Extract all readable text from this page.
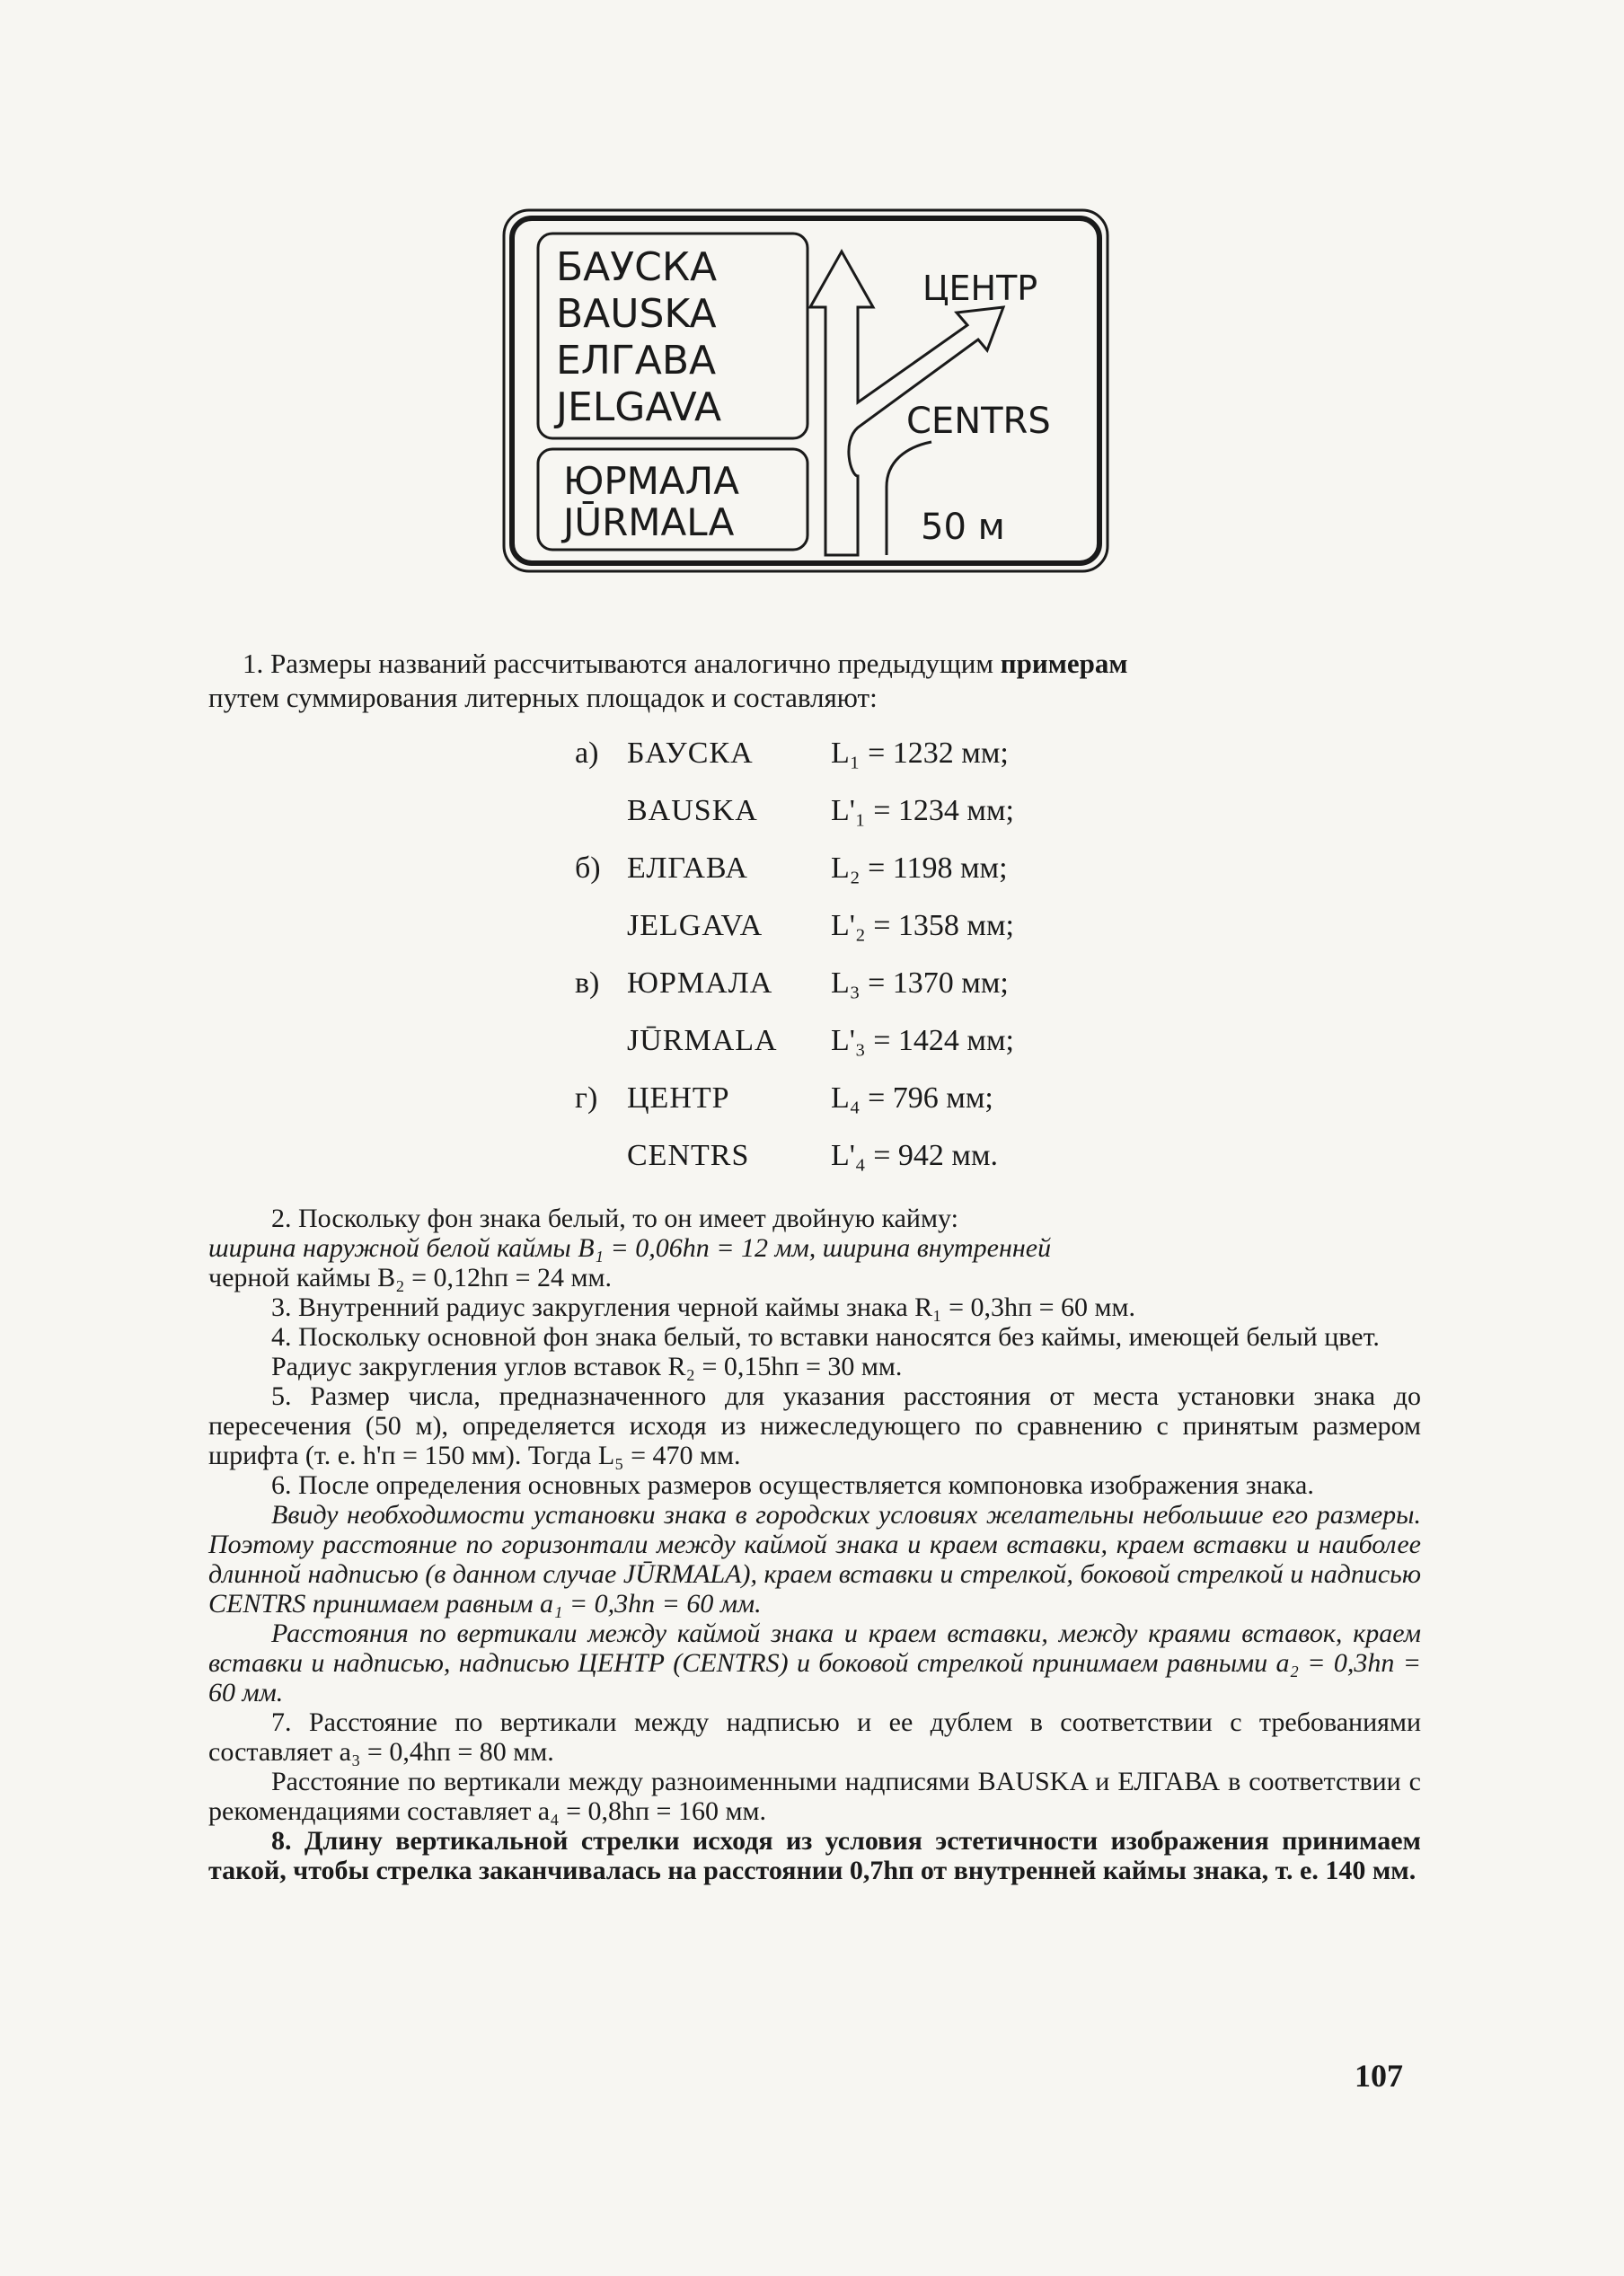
БАУСКА
BAUSKA
ЕЛГАВА
JELGAVA
ЮРМАЛА
JŪRMALA
ЦЕНТР
CENTRS
50 м
1. Размеры названий рассчитываются аналогично предыдущим примерам
путем суммирования литерных площадок и составляют:
а) БАУСКА	L₁ = 1232 мм;
BAUSKA L'₁ = 1234 мм;
б) ЕЛГАВА	L₂ = 1198 мм;
JELGAVA L'₂ = 1358 мм;
в) ЮРМАЛА L₃ = 1370 мм;
JŪRMALA L'₃ = 1424 мм;
г) ЦЕНТР	L₄ = 796 мм;
CENTRS	L'₄ = 942 мм.

2. Поскольку фон знака белый, то он имеет двойную кайму:

ширина наружной белой каймы B₁ = 0,06hп = 12 мм, ширина внутренней

черной каймы B₂ = 0,12hп = 24 мм.

3. Внутренний радиус закругления черной каймы знака R₁ = 0,3hп = 60 мм.

4. Поскольку основной фон знака белый, то вставки наносятся без каймы, имеющей белый цвет.

Радиус закругления углов вставок R₂ = 0,15hп = 30 мм.

5. Размер числа, предназначенного для указания расстояния от места установки знака до пересечения (50 м), определяется исходя из нижеследующего по сравнению с принятым размером шрифта (т. е. h'п = 150 мм). Тогда L₅ = 470 мм.

6. После определения основных размеров осуществляется компоновка изображения знака.

Ввиду необходимости установки знака в городских условиях желательны небольшие его размеры. Поэтому расстояние по горизонтали между каймой знака и краем вставки, краем вставки и наиболее длинной надписью (в данном случае JŪRMALA), краем вставки и стрелкой, боковой стрелкой и надписью CENTRS принимаем равным a₁ = 0,3hп = 60 мм.

Расстояния по вертикали между каймой знака и краем вставки, между краями вставок, краем вставки и надписью, надписью ЦЕНТР (CENTRS) и боковой стрелкой принимаем равными a₂ = 0,3hп = 60 мм.

7. Расстояние по вертикали между надписью и ее дублем в соответствии с требованиями составляет a₃ = 0,4hп = 80 мм.

Расстояние по вертикали между разноименными надписями BAUSKA и ЕЛГАВА в соответствии с рекомендациями составляет a₄ = 0,8hп = 160 мм.

8. Длину вертикальной стрелки исходя из условия эстетичности изображения принимаем такой, чтобы стрелка заканчивалась на расстоянии 0,7hп от внутренней каймы знака, т. е. 140 мм.

107
